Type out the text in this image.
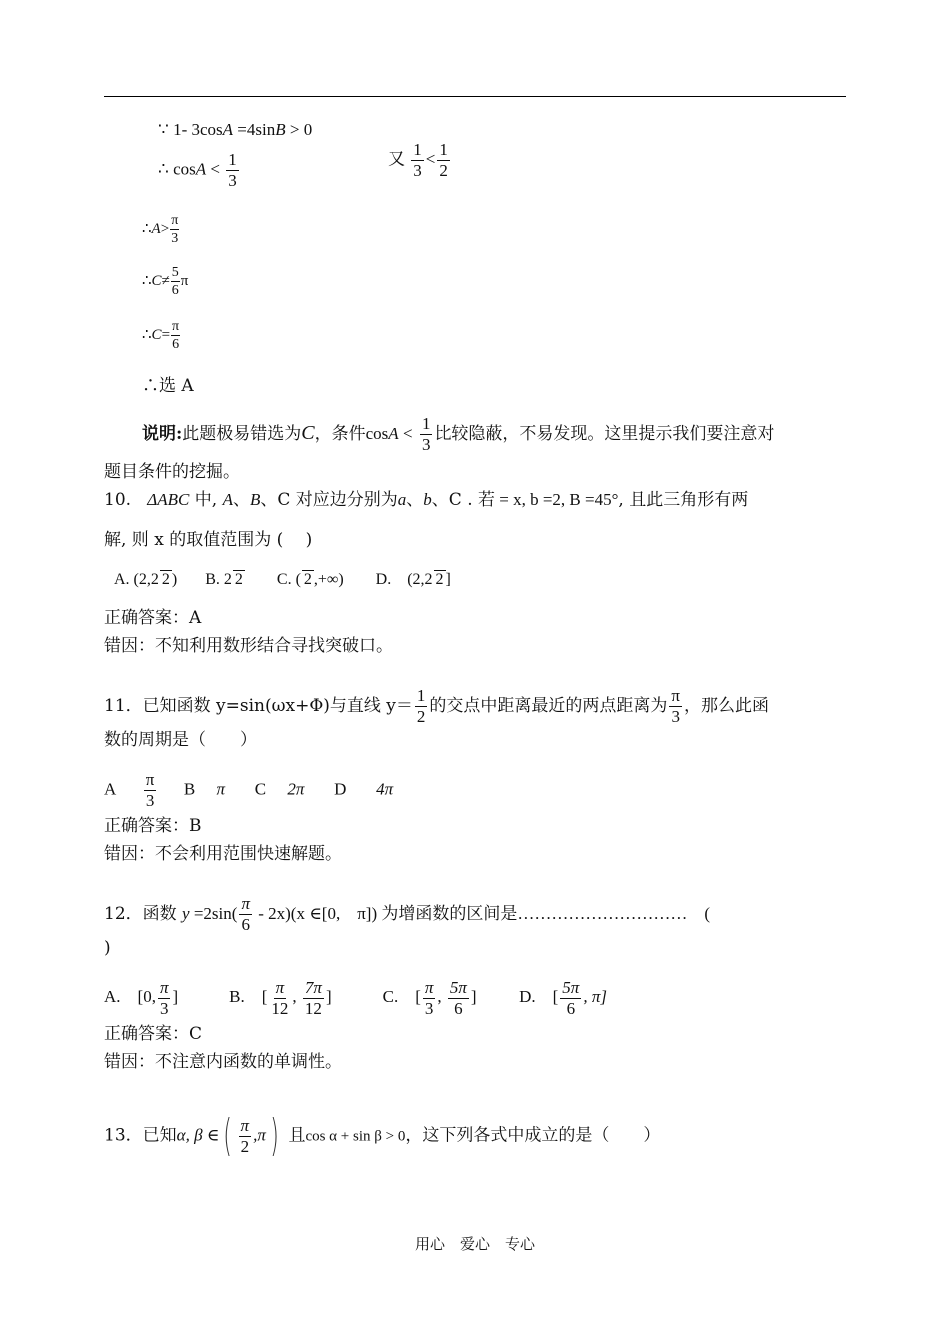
∵ 1- 3cosA =4sinB > 0
∴ $\cos A < \frac{1}{3}$	又 $\frac{1}{3} < \frac{1}{2}$
∴A> $\frac{\pi}{3}$
∴C≠ $\frac{5}{6}$ π
∴C= $\frac{\pi}{6}$
∴选 A
说明:此题极易错选为C，条件$\cos A < \frac{1}{3}$ 比较隐蔽，不易发现。这里提示我们要注意对
题目条件的挖掘。
10. ΔABC 中, A、B、C 对应边分别为a、b、C . 若 = x, b =2, B =45°, 且此三角形有两
解, 则 x 的取值范围为 (　 )
A. (2,2 2 ) B. 2 2 C. ( 2 ,+∞) D.　(2,2 2 ]
正确答案：A
错因：不知利用数形结合寻找突破口。
11．已知函数 y=sin(ωx+Φ)与直线 $y= \frac{1}{2}$ 的交点中距离最近的两点距离为 $\frac{\pi}{3}$ ，那么此函
数的周期是（　　）
A $\frac{\pi}{3}$ B π C 2π D 4π
正确答案：B
错因：不会利用范围快速解题。
12．函数 $y =2\sin( \frac{\pi}{6} - 2x)(x$ ∈[0,　π]) 为增函数的区间是…………………………　(
)
A.　[0, $\frac{\pi}{3}$ ]	B.　[ $\frac{\pi}{12}$ , $\frac{7\pi}{12}$ ]	C.　[ $\frac{\pi}{3}$ , $\frac{5\pi}{6}$ ]	D.　[ $\frac{5\pi}{6}$ , π]
正确答案：C
错因：不注意内函数的单调性。
13．已知α, β ∈( $\frac{\pi}{2} ,\pi$) 且cos α + sin β > 0，这下列各式中成立的是（　　）
用心　爱心　专心
